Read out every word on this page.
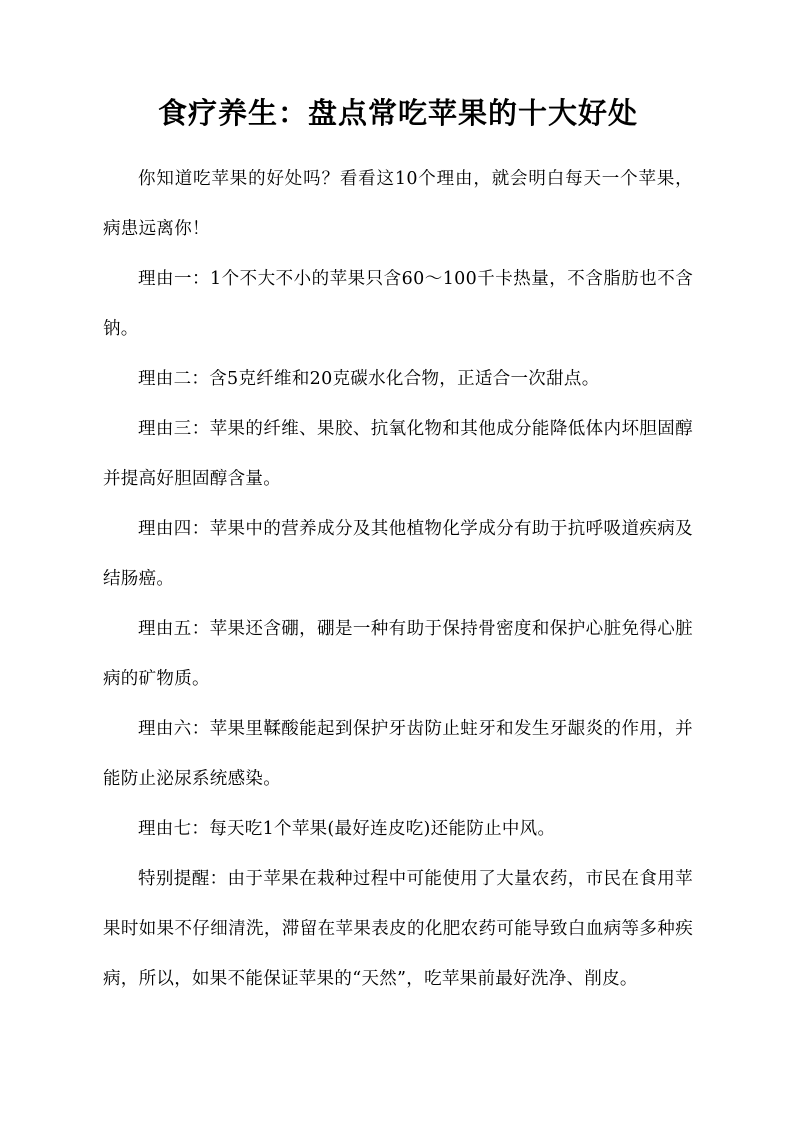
食疗养生：盘点常吃苹果的十大好处

你知道吃苹果的好处吗？看看这10个理由，就会明白每天一个苹果，病患远离你！

理由一：1个不大不小的苹果只含60～100千卡热量，不含脂肪也不含钠。

理由二：含5克纤维和20克碳水化合物，正适合一次甜点。

理由三：苹果的纤维、果胶、抗氧化物和其他成分能降低体内坏胆固醇并提高好胆固醇含量。

理由四：苹果中的营养成分及其他植物化学成分有助于抗呼吸道疾病及结肠癌。

理由五：苹果还含硼，硼是一种有助于保持骨密度和保护心脏免得心脏病的矿物质。

理由六：苹果里鞣酸能起到保护牙齿防止蛀牙和发生牙龈炎的作用，并能防止泌尿系统感染。

理由七：每天吃1个苹果(最好连皮吃)还能防止中风。

特别提醒：由于苹果在栽种过程中可能使用了大量农药，市民在食用苹果时如果不仔细清洗，滞留在苹果表皮的化肥农药可能导致白血病等多种疾病，所以，如果不能保证苹果的“天然”，吃苹果前最好洗净、削皮。
